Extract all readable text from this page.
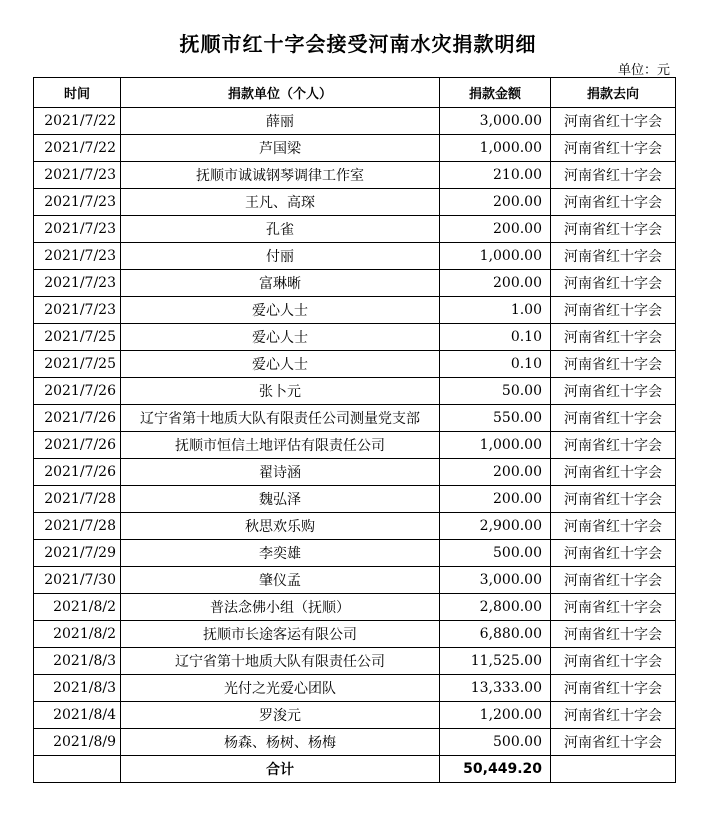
抚顺市红十字会接受河南水灾捐款明细
单位：元
时间	捐款单位（个人）	捐款金额	捐款去向
2021/7/22	薛丽	3,000.00	河南省红十字会
2021/7/22	芦国梁	1,000.00	河南省红十字会
2021/7/23	抚顺市诚诚钢琴调律工作室	210.00	河南省红十字会
2021/7/23	王凡、高琛	200.00	河南省红十字会
2021/7/23	孔雀	200.00	河南省红十字会
2021/7/23	付丽	1,000.00	河南省红十字会
2021/7/23	富琳晰	200.00	河南省红十字会
2021/7/23	爱心人士	1.00	河南省红十字会
2021/7/25	爱心人士	0.10	河南省红十字会
2021/7/25	爱心人士	0.10	河南省红十字会
2021/7/26	张卜元	50.00	河南省红十字会
2021/7/26	辽宁省第十地质大队有限责任公司测量党支部	550.00	河南省红十字会
2021/7/26	抚顺市恒信土地评估有限责任公司	1,000.00	河南省红十字会
2021/7/26	翟诗涵	200.00	河南省红十字会
2021/7/28	魏弘泽	200.00	河南省红十字会
2021/7/28	秋思欢乐购	2,900.00	河南省红十字会
2021/7/29	李奕雄	500.00	河南省红十字会
2021/7/30	肇仪孟	3,000.00	河南省红十字会
2021/8/2	普法念佛小组（抚顺）	2,800.00	河南省红十字会
2021/8/2	抚顺市长途客运有限公司	6,880.00	河南省红十字会
2021/8/3	辽宁省第十地质大队有限责任公司	11,525.00	河南省红十字会
2021/8/3	光付之光爱心团队	13,333.00	河南省红十字会
2021/8/4	罗浚元	1,200.00	河南省红十字会
2021/8/9	杨森、杨树、杨梅	500.00	河南省红十字会
	合计	50,449.20	
